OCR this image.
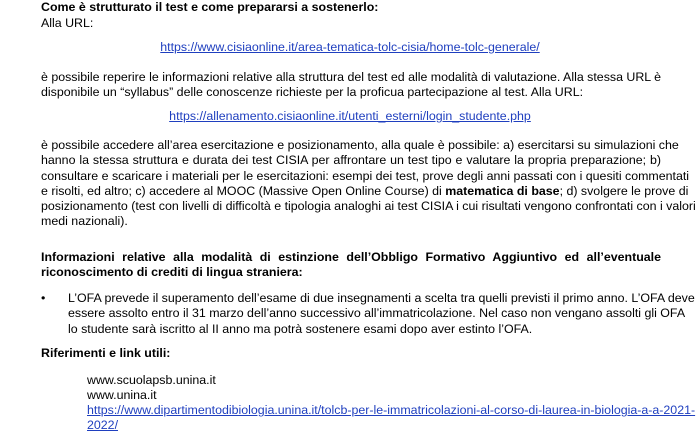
Come è strutturato il test e come prepararsi a sostenerlo:
Alla URL:
https://www.cisiaonline.it/area-tematica-tolc-cisia/home-tolc-generale/
è possibile reperire le informazioni relative alla struttura del test ed alle modalità di valutazione. Alla stessa URL è
disponibile un “syllabus” delle conoscenze richieste per la proficua partecipazione al test. Alla URL:
https://allenamento.cisiaonline.it/utenti_esterni/login_studente.php
è possibile accedere all’area esercitazione e posizionamento, alla quale è possibile: a) esercitarsi su simulazioni che
hanno la stessa struttura e durata dei test CISIA per affrontare un test tipo e valutare la propria preparazione; b)
consultare e scaricare i materiali per le esercitazioni: esempi dei test, prove degli anni passati con i quesiti commentati
e risolti, ed altro; c) accedere al MOOC (Massive Open Online Course) di matematica di base; d) svolgere le prove di
posizionamento (test con livelli di difficoltà e tipologia analoghi ai test CISIA i cui risultati vengono confrontati con i valori
medi nazionali).
Informazioni relative alla modalità di estinzione dell’Obbligo Formativo Aggiuntivo ed all’eventuale
riconoscimento di crediti di lingua straniera:
• L’OFA prevede il superamento dell’esame di due insegnamenti a scelta tra quelli previsti il primo anno. L’OFA deve
essere assolto entro il 31 marzo dell’anno successivo all’immatricolazione. Nel caso non vengano assolti gli OFA
lo studente sarà iscritto al II anno ma potrà sostenere esami dopo aver estinto l’OFA.
Riferimenti e link utili:
www.scuolapsb.unina.it
www.unina.it
https://www.dipartimentodibiologia.unina.it/tolcb-per-le-immatricolazioni-al-corso-di-laurea-in-biologia-a-a-2021-
2022/
